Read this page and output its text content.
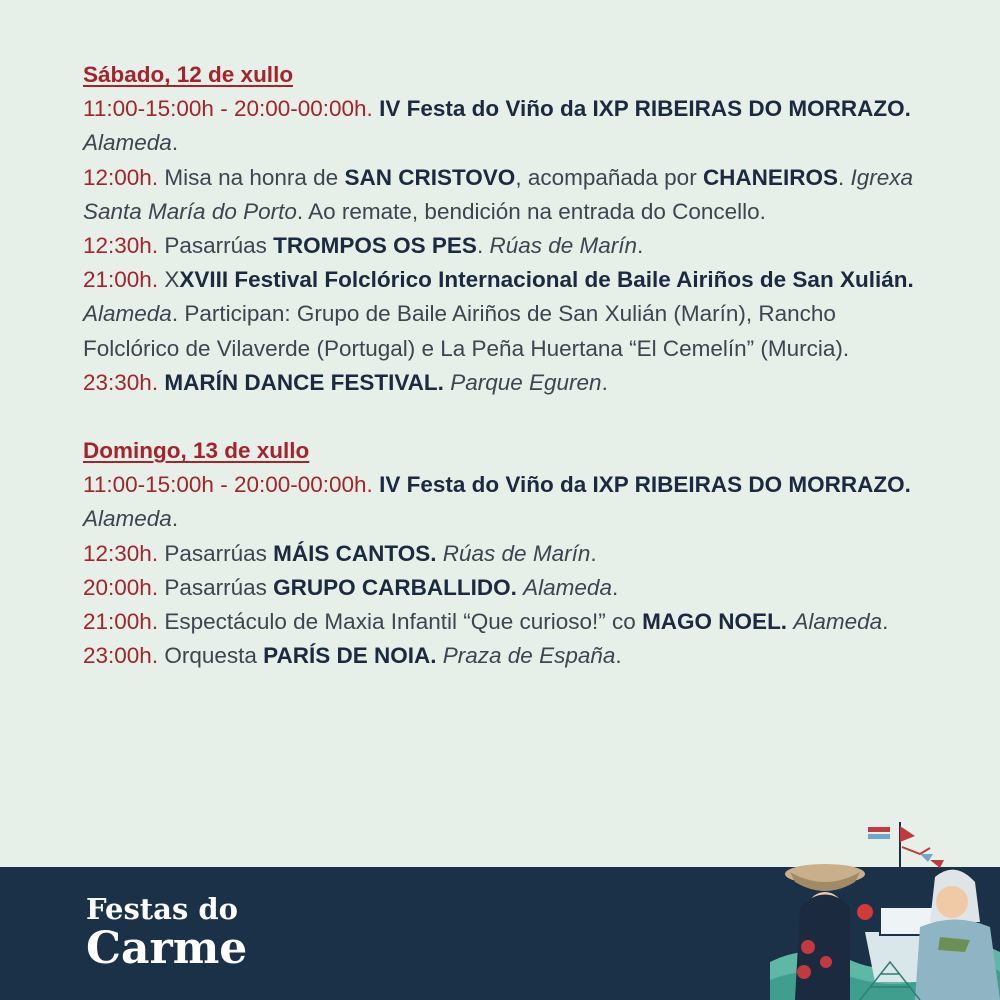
Sábado, 12 de xullo
11:00-15:00h - 20:00-00:00h. IV Festa do Viño da IXP RIBEIRAS DO MORRAZO. Alameda.
12:00h. Misa na honra de SAN CRISTOVO, acompañada por CHANEIROS. Igrexa Santa María do Porto. Ao remate, bendición na entrada do Concello.
12:30h. Pasarrúas TROMPOS OS PES. Rúas de Marín.
21:00h. XXVIII Festival Folclórico Internacional de Baile Airiños de San Xulián. Alameda. Participan: Grupo de Baile Airiños de San Xulián (Marín), Rancho Folclórico de Vilaverde (Portugal) e La Peña Huertana “El Cemelín” (Murcia).
23:30h. MARÍN DANCE FESTIVAL. Parque Eguren.
Domingo, 13 de xullo
11:00-15:00h - 20:00-00:00h. IV Festa do Viño da IXP RIBEIRAS DO MORRAZO. Alameda.
12:30h. Pasarrúas MÁIS CANTOS. Rúas de Marín.
20:00h. Pasarrúas GRUPO CARBALLIDO. Alameda.
21:00h. Espectáculo de Maxia Infantil “Que curioso!” co MAGO NOEL. Alameda.
23:00h. Orquesta PARÍS DE NOIA. Praza de España.
Festas do
Carme
